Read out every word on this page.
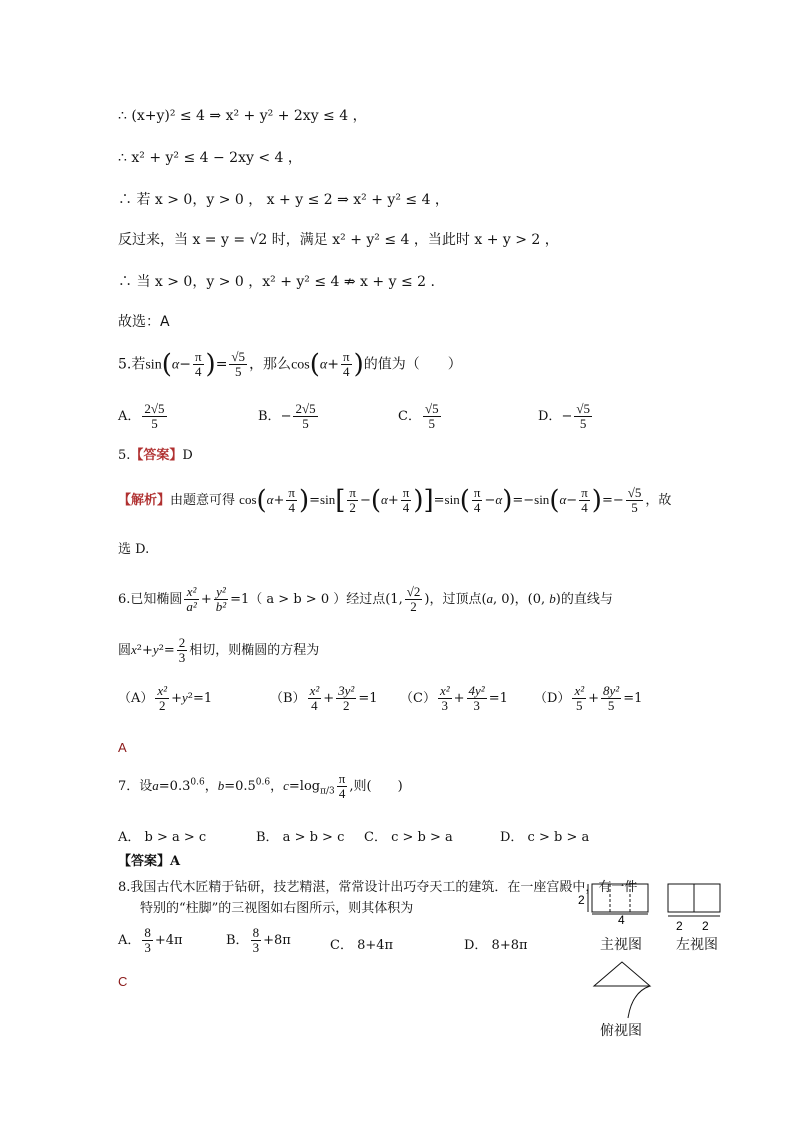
∴ (x+y)² ≤ 4 ⇒ x² + y² + 2xy ≤ 4 ，
∴ x² + y² ≤ 4 − 2xy < 4 ，
∴ 若 x > 0，y > 0 ， x + y ≤ 2 ⇒ x² + y² ≤ 4 ，
反过来，当 x = y = √2 时，满足 x² + y² ≤ 4 ，当此时 x + y > 2 ，
∴ 当 x > 0，y > 0 ，x² + y² ≤ 4 ⇏ x + y ≤ 2 .
故选：A
5.若$\sin(\alpha- \frac{\pi}{4}$ )= $\frac{√5}{5}$ ，那么$\cos(\alpha+ \frac{\pi}{4}$ )的值为（　　）
A． $\frac{2√5}{5}$	B．− $\frac{2√5}{5}$	C． $\frac{√5}{5}$	D．− $\frac{√5}{5}$
5.【答案】D
【解析】由题意可得 $\cos(\alpha+ \frac{\pi}{4} )=\sin[ \frac{\pi}{2} -(\alpha+ \frac{\pi}{4} )]=\sin( \frac{\pi}{4} -\alpha)=-\sin(\alpha- \frac{\pi}{4}$ )=− $\frac{√5}{5}$ ，故
选 D.
6.已知椭圆 $\frac{\text{x²}}{\text{a²}} + \frac{\text{y²}}{\text{b²}} =1$（ a > b > 0 ）经过点(1, $\frac{√2}{2}$ )，过顶点(a, 0)，(0, b)的直线与
圆$x^2+y^2= \frac{2}{3}$ 相切，则椭圆的方程为
$(A) \frac{\text{x²}}{2} +y^2=1$	$(B) \frac{\text{x²}}{4} + \frac{\text{3y²}}{2} =1$ $(C) \frac{\text{x²}}{3} + \frac{\text{4y²}}{3} =1$ $(D) \frac{\text{x²}}{5} + \frac{\text{8y²}}{5} =1$
A
7．设$a=0.3^{0.6}$，$b=0.5^{0.6}$，$c=\log_{\pi/3} \frac{\pi}{4}$ ,则(　　)
A． b > a > c	B． a > b > c C． c > b > a	D． c > b > a
【答案】A
8.我国古代木匠精于钻研，技艺精湛，常常设计出巧夺天工的建筑．在一座宫殿中，有一件
特别的“柱脚”的三视图如右图所示，则其体积为
A． $\frac{8}{3} +4\pi$	B． $\frac{8}{3} +8\pi$	C． 8+4π	D． 8+8π
C
2
4	2 2
主视图 左视图
俯视图
